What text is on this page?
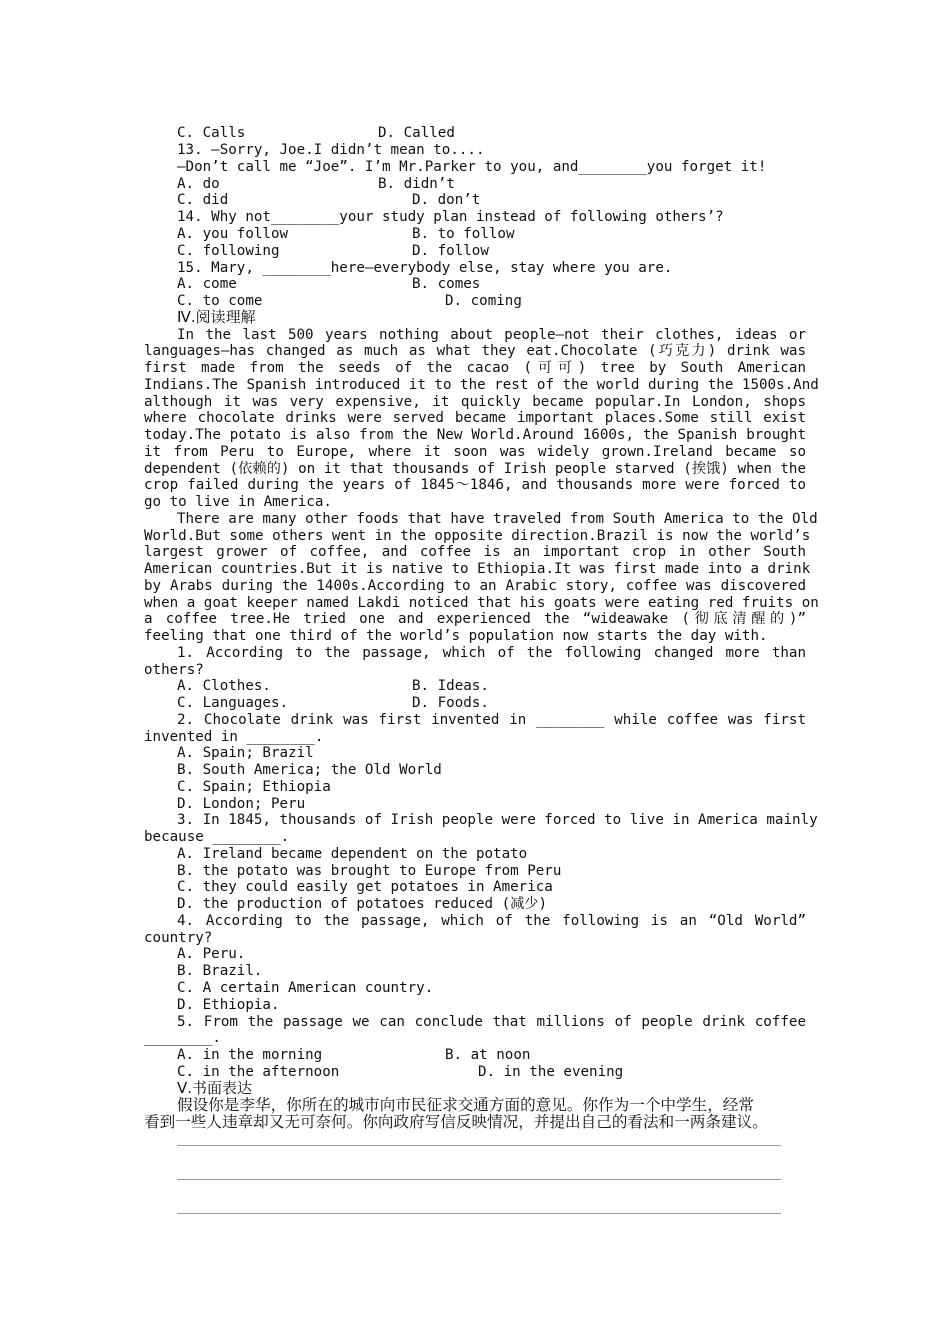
C. Calls	D. Called
13. —Sorry, Joe.I didn’t mean to....
—Don’t call me “Joe”. I’m Mr.Parker to you, and________you forget it!
A. do	B. didn’t
C. did	D. don’t
14. Why not________your study plan instead of following others’?
A. you follow	B. to follow
C. following	D. follow
15. Mary, ________here—everybody else, stay where you are.
A. come	B. comes
C. to come	D. coming
Ⅳ.阅读理解
In the last 500 years nothing about people—not their clothes, ideas or
languages—has changed as much as what they eat.Chocolate (巧克力) drink was
first made from the seeds of the cacao (可可) tree by South American
Indians.The Spanish introduced it to the rest of the world during the 1500s.And
although it was very expensive, it quickly became popular.In London, shops
where chocolate drinks were served became important places.Some still exist
today.The potato is also from the New World.Around 1600s, the Spanish brought
it from Peru to Europe, where it soon was widely grown.Ireland became so
dependent (依赖的) on it that thousands of Irish people starved (挨饿) when the
crop failed during the years of 1845～1846, and thousands more were forced to
go to live in America.
There are many other foods that have traveled from South America to the Old
World.But some others went in the opposite direction.Brazil is now the world’s
largest grower of coffee, and coffee is an important crop in other South
American countries.But it is native to Ethiopia.It was first made into a drink
by Arabs during the 1400s.According to an Arabic story, coffee was discovered
when a goat keeper named Lakdi noticed that his goats were eating red fruits on
a coffee tree.He tried one and experienced the “wideawake (彻底清醒的)”
feeling that one third of the world’s population now starts the day with.
1. According to the passage, which of the following changed more than
others?
A. Clothes.	B. Ideas.
C. Languages.	D. Foods.
2. Chocolate drink was first invented in ________ while coffee was first
invented in ________.
A. Spain; Brazil
B. South America; the Old World
C. Spain; Ethiopia
D. London; Peru
3. In 1845, thousands of Irish people were forced to live in America mainly
because ________.
A. Ireland became dependent on the potato
B. the potato was brought to Europe from Peru
C. they could easily get potatoes in America
D. the production of potatoes reduced (减少)
4. According to the passage, which of the following is an “Old World”
country?
A. Peru.
B. Brazil.
C. A certain American country.
D. Ethiopia.
5. From the passage we can conclude that millions of people drink coffee
________.
A. in the morning	B. at noon
C. in the afternoon	D. in the evening
Ⅴ.书面表达
假设你是李华，你所在的城市向市民征求交通方面的意见。你作为一个中学生，经常
看到一些人违章却又无可奈何。你向政府写信反映情况，并提出自己的看法和一两条建议。
